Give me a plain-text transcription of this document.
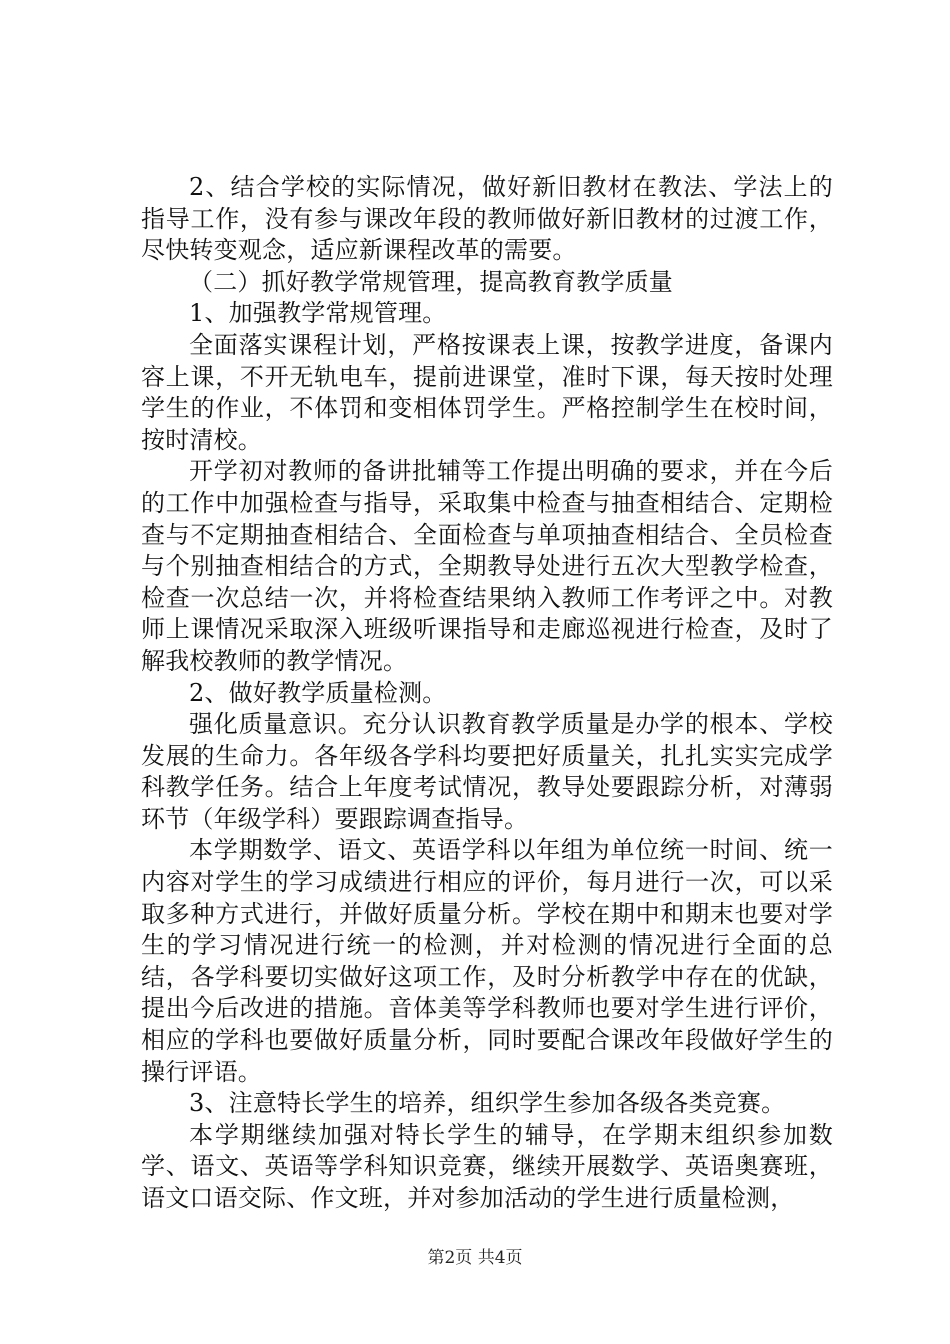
2、结合学校的实际情况，做好新旧教材在教法、学法上的指导工作，没有参与课改年段的教师做好新旧教材的过渡工作，尽快转变观念，适应新课程改革的需要。

（二）抓好教学常规管理，提高教育教学质量

1、加强教学常规管理。

全面落实课程计划，严格按课表上课，按教学进度，备课内容上课，不开无轨电车，提前进课堂，准时下课，每天按时处理学生的作业，不体罚和变相体罚学生。严格控制学生在校时间，按时清校。

开学初对教师的备讲批辅等工作提出明确的要求，并在今后的工作中加强检查与指导，采取集中检查与抽查相结合、定期检查与不定期抽查相结合、全面检查与单项抽查相结合、全员检查与个别抽查相结合的方式，全期教导处进行五次大型教学检查，检查一次总结一次，并将检查结果纳入教师工作考评之中。对教师上课情况采取深入班级听课指导和走廊巡视进行检查，及时了解我校教师的教学情况。

2、做好教学质量检测。

强化质量意识。充分认识教育教学质量是办学的根本、学校发展的生命力。各年级各学科均要把好质量关，扎扎实实完成学科教学任务。结合上年度考试情况，教导处要跟踪分析，对薄弱环节（年级学科）要跟踪调查指导。

本学期数学、语文、英语学科以年组为单位统一时间、统一内容对学生的学习成绩进行相应的评价，每月进行一次，可以采取多种方式进行，并做好质量分析。学校在期中和期末也要对学生的学习情况进行统一的检测，并对检测的情况进行全面的总结，各学科要切实做好这项工作，及时分析教学中存在的优缺，提出今后改进的措施。音体美等学科教师也要对学生进行评价，相应的学科也要做好质量分析，同时要配合课改年段做好学生的操行评语。

3、注意特长学生的培养，组织学生参加各级各类竞赛。

本学期继续加强对特长学生的辅导，在学期末组织参加数学、语文、英语等学科知识竞赛，继续开展数学、英语奥赛班，语文口语交际、作文班，并对参加活动的学生进行质量检测，

第2页 共4页
